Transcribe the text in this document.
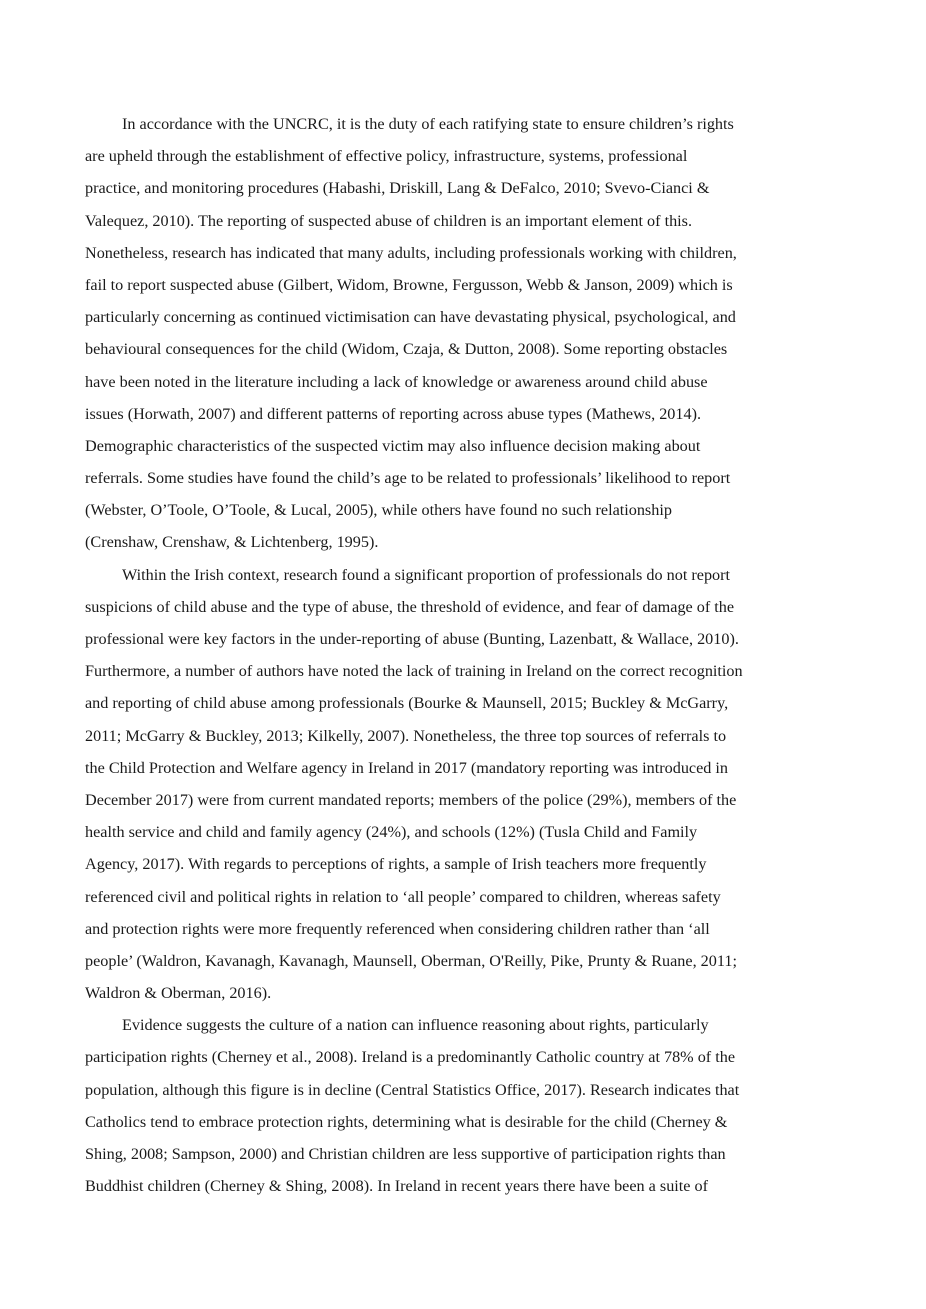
In accordance with the UNCRC, it is the duty of each ratifying state to ensure children’s rights
are upheld through the establishment of effective policy, infrastructure, systems, professional
practice, and monitoring procedures (Habashi, Driskill, Lang & DeFalco, 2010; Svevo-Cianci &
Valequez, 2010). The reporting of suspected abuse of children is an important element of this.
Nonetheless, research has indicated that many adults, including professionals working with children,
fail to report suspected abuse (Gilbert, Widom, Browne, Fergusson, Webb & Janson, 2009) which is
particularly concerning as continued victimisation can have devastating physical, psychological, and
behavioural consequences for the child (Widom, Czaja, & Dutton, 2008). Some reporting obstacles
have been noted in the literature including a lack of knowledge or awareness around child abuse
issues (Horwath, 2007) and different patterns of reporting across abuse types (Mathews, 2014).
Demographic characteristics of the suspected victim may also influence decision making about
referrals. Some studies have found the child’s age to be related to professionals’ likelihood to report
(Webster, O’Toole, O’Toole, & Lucal, 2005), while others have found no such relationship
(Crenshaw, Crenshaw, & Lichtenberg, 1995).
Within the Irish context, research found a significant proportion of professionals do not report
suspicions of child abuse and the type of abuse, the threshold of evidence, and fear of damage of the
professional were key factors in the under-reporting of abuse (Bunting, Lazenbatt, & Wallace, 2010).
Furthermore, a number of authors have noted the lack of training in Ireland on the correct recognition
and reporting of child abuse among professionals (Bourke & Maunsell, 2015; Buckley & McGarry,
2011; McGarry & Buckley, 2013; Kilkelly, 2007). Nonetheless, the three top sources of referrals to
the Child Protection and Welfare agency in Ireland in 2017 (mandatory reporting was introduced in
December 2017) were from current mandated reports; members of the police (29%), members of the
health service and child and family agency (24%), and schools (12%) (Tusla Child and Family
Agency, 2017). With regards to perceptions of rights, a sample of Irish teachers more frequently
referenced civil and political rights in relation to ‘all people’ compared to children, whereas safety
and protection rights were more frequently referenced when considering children rather than ‘all
people’ (Waldron, Kavanagh, Kavanagh, Maunsell, Oberman, O'Reilly, Pike, Prunty & Ruane, 2011;
Waldron & Oberman, 2016).
Evidence suggests the culture of a nation can influence reasoning about rights, particularly
participation rights (Cherney et al., 2008). Ireland is a predominantly Catholic country at 78% of the
population, although this figure is in decline (Central Statistics Office, 2017). Research indicates that
Catholics tend to embrace protection rights, determining what is desirable for the child (Cherney &
Shing, 2008; Sampson, 2000) and Christian children are less supportive of participation rights than
Buddhist children (Cherney & Shing, 2008). In Ireland in recent years there have been a suite of
